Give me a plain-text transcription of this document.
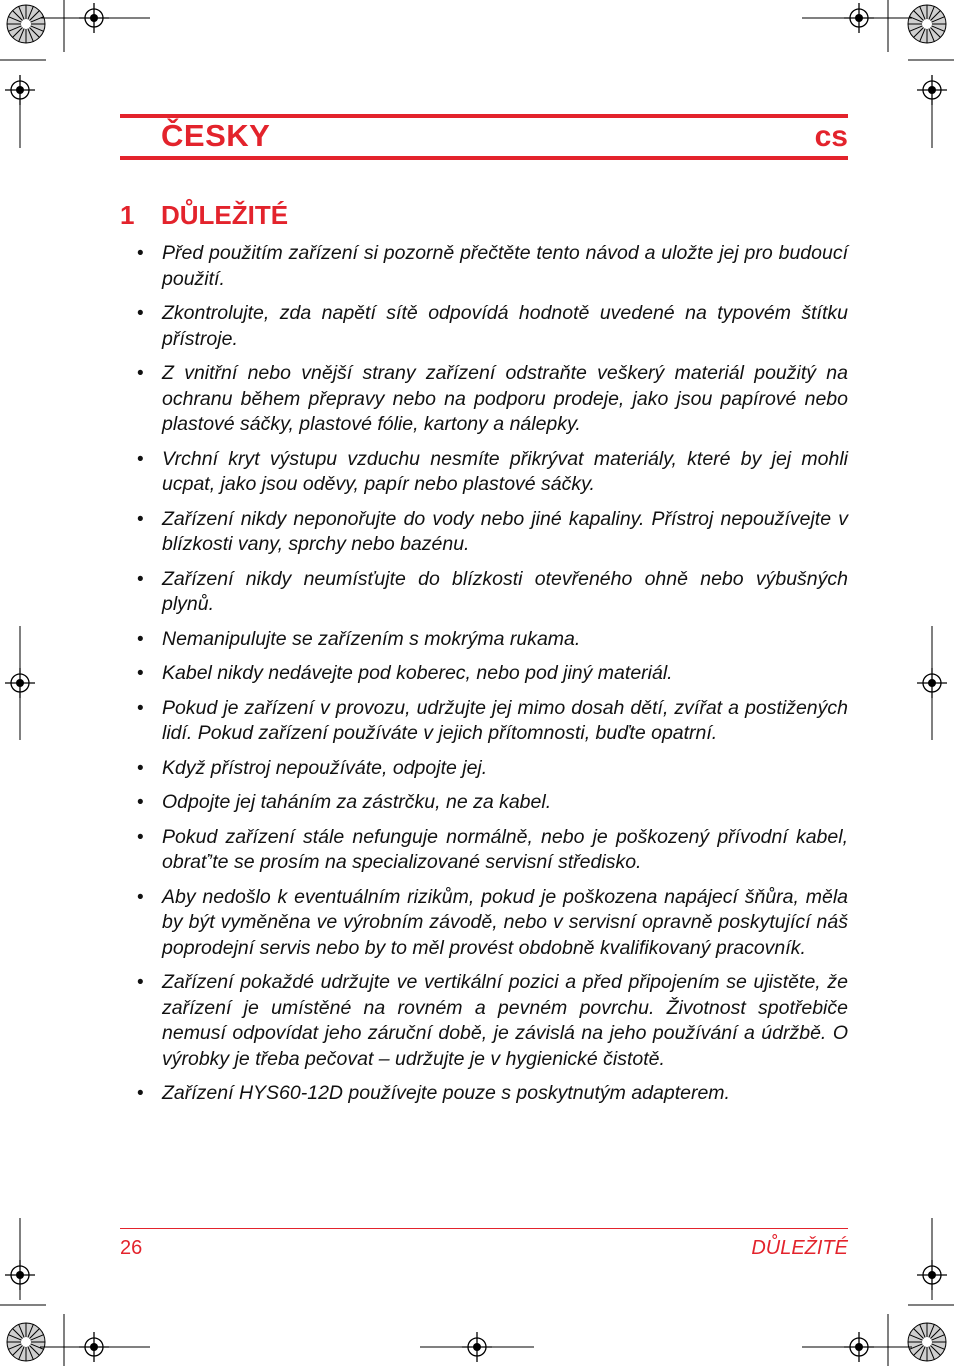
ČESKY	cs
1 DŮLEŽITÉ
• Před použitím zařízení si pozorně přečtěte tento návod a uložte jej pro budoucí použití.
• Zkontrolujte, zda napětí sítě odpovídá hodnotě uvedené na typovém štítku přístroje.
• Z vnitřní nebo vnější strany zařízení odstraňte veškerý materiál použitý na ochranu během přepravy nebo na podporu prodeje, jako jsou papírové nebo plastové sáčky, plastové fólie, kartony a nálepky.
• Vrchní kryt výstupu vzduchu nesmíte přikrývat materiály, které by jej mohli ucpat, jako jsou oděvy, papír nebo plastové sáčky.
• Zařízení nikdy neponořujte do vody nebo jiné kapaliny. Přístroj nepoužívejte v blízkosti vany, sprchy nebo bazénu.
• Zařízení nikdy neumísťujte do blízkosti otevřeného ohně nebo výbušných plynů.
• Nemanipulujte se zařízením s mokrýma rukama.
• Kabel nikdy nedávejte pod koberec, nebo pod jiný materiál.
• Pokud je zařízení v provozu, udržujte jej mimo dosah dětí, zvířat a postižených lidí. Pokud zařízení používáte v jejich přítomnosti, buďte opatrní.
• Když přístroj nepoužíváte, odpojte jej.
• Odpojte jej taháním za zástrčku, ne za kabel.
• Pokud zařízení stále nefunguje normálně, nebo je poškozený přívodní kabel, obrať’te se prosím na specializované servisní středisko.
• Aby nedošlo k eventuálním rizikům, pokud je poškozena napájecí šňůra, měla by být vyměněna ve výrobním závodě, nebo v servisní opravně poskytující náš poprodejní servis nebo by to měl provést obdobně kvalifikovaný pracovník.
• Zařízení pokaždé udržujte ve vertikální pozici a před připojením se ujistěte, že zařízení je umístěné na rovném a pevném povrchu. Životnost spotřebiče nemusí odpovídat jeho záruční době, je závislá na jeho používání a údržbě. O výrobky je třeba pečovat – udržujte je v hygienické čistotě.
• Zařízení HYS60-12D používejte pouze s poskytnutým adapterem.
26	DŮLEŽITÉ
